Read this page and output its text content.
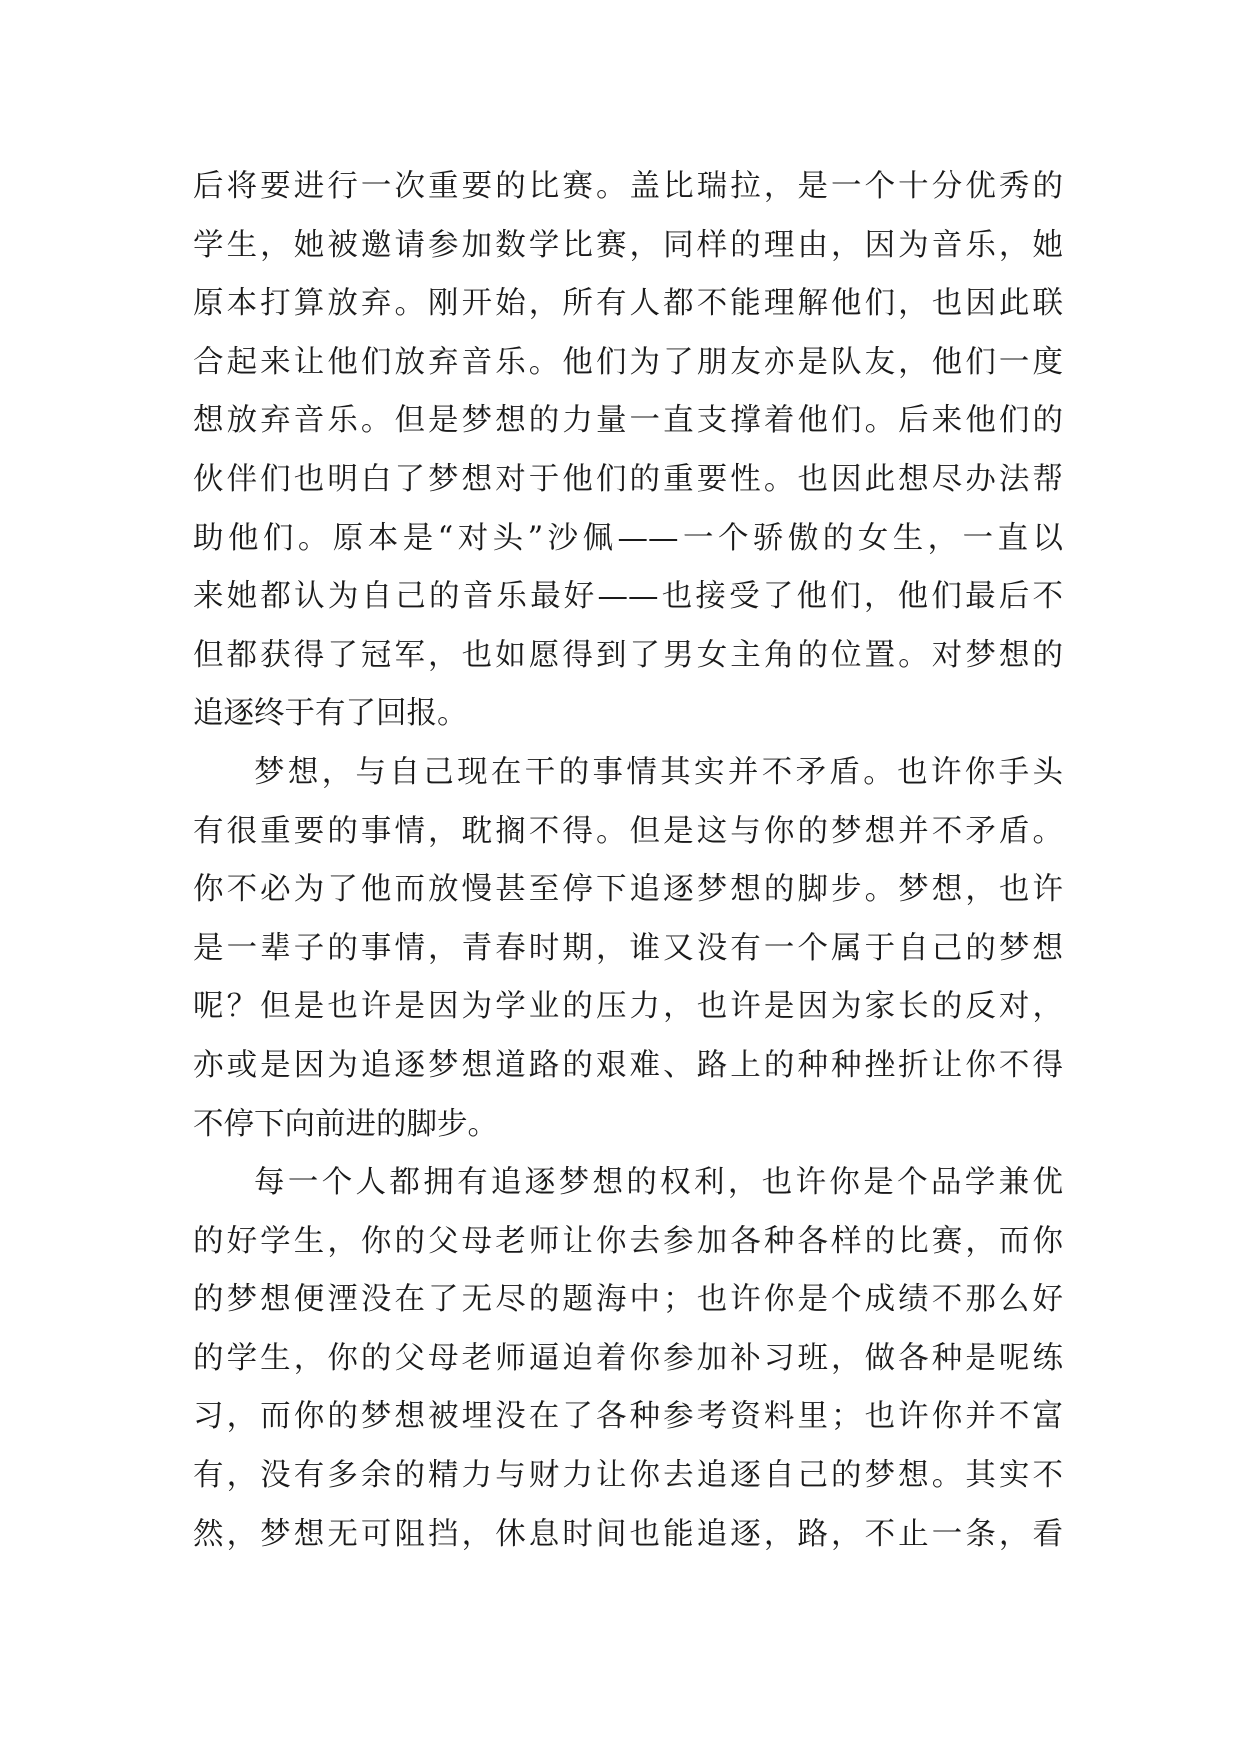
后将要进行一次重要的比赛。盖比瑞拉，是一个十分优秀的
学生，她被邀请参加数学比赛，同样的理由，因为音乐，她
原本打算放弃。刚开始，所有人都不能理解他们，也因此联
合起来让他们放弃音乐。他们为了朋友亦是队友，他们一度
想放弃音乐。但是梦想的力量一直支撑着他们。后来他们的
伙伴们也明白了梦想对于他们的重要性。也因此想尽办法帮
助他们。原本是“对头”沙佩——一个骄傲的女生，一直以
来她都认为自己的音乐最好——也接受了他们，他们最后不
但都获得了冠军，也如愿得到了男女主角的位置。对梦想的
追逐终于有了回报。
梦想，与自己现在干的事情其实并不矛盾。也许你手头
有很重要的事情，耽搁不得。但是这与你的梦想并不矛盾。
你不必为了他而放慢甚至停下追逐梦想的脚步。梦想，也许
是一辈子的事情，青春时期，谁又没有一个属于自己的梦想
呢？但是也许是因为学业的压力，也许是因为家长的反对，
亦或是因为追逐梦想道路的艰难、路上的种种挫折让你不得
不停下向前进的脚步。
每一个人都拥有追逐梦想的权利，也许你是个品学兼优
的好学生，你的父母老师让你去参加各种各样的比赛，而你
的梦想便湮没在了无尽的题海中；也许你是个成绩不那么好
的学生，你的父母老师逼迫着你参加补习班，做各种是呢练
习，而你的梦想被埋没在了各种参考资料里；也许你并不富
有，没有多余的精力与财力让你去追逐自己的梦想。其实不
然，梦想无可阻挡，休息时间也能追逐，路，不止一条，看
